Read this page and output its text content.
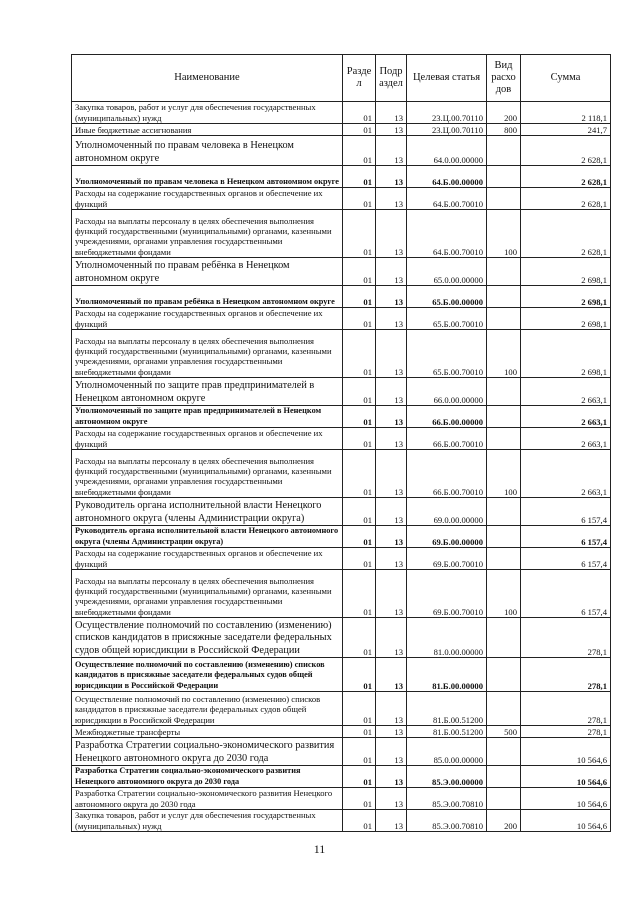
Наименование	Разде л	Подр аздел	Целевая статья	Вид расхо дов	Сумма
Закупка товаров, работ и услуг для обеспечения государственных (муниципальных) нужд	01	13	23.Ц.00.70110	200	2 118,1
Иные бюджетные ассигнования	01	13	23.Ц.00.70110	800	241,7
Уполномоченный по правам человека в Ненецком автономном округе	01	13	64.0.00.00000		2 628,1
Уполномоченный по правам человека в Ненецком автономном округе	01	13	64.Б.00.00000		2 628,1
Расходы на содержание государственных органов и обеспечение их функций	01	13	64.Б.00.70010		2 628,1
Расходы на выплаты персоналу в целях обеспечения выполнения функций государственными (муниципальными) органами, казенными учреждениями, органами управления государственными внебюджетными фондами	01	13	64.Б.00.70010	100	2 628,1
Уполномоченный по правам ребёнка в Ненецком автономном округе	01	13	65.0.00.00000		2 698,1
Уполномоченный по правам ребёнка в Ненецком автономном округе	01	13	65.Б.00.00000		2 698,1
Расходы на содержание государственных органов и обеспечение их функций	01	13	65.Б.00.70010		2 698,1
Расходы на выплаты персоналу в целях обеспечения выполнения функций государственными (муниципальными) органами, казенными учреждениями, органами управления государственными внебюджетными фондами	01	13	65.Б.00.70010	100	2 698,1
Уполномоченный по защите прав предпринимателей в Ненецком автономном округе	01	13	66.0.00.00000		2 663,1
Уполномоченный по защите прав предпринимателей в Ненецком автономном округе	01	13	66.Б.00.00000		2 663,1
Расходы на содержание государственных органов и обеспечение их функций	01	13	66.Б.00.70010		2 663,1
Расходы на выплаты персоналу в целях обеспечения выполнения функций государственными (муниципальными) органами, казенными учреждениями, органами управления государственными внебюджетными фондами	01	13	66.Б.00.70010	100	2 663,1
Руководитель органа исполнительной власти Ненецкого автономного округа (члены Администрации округа)	01	13	69.0.00.00000		6 157,4
Руководитель органа исполнительной власти Ненецкого автономного округа (члены Администрации округа)	01	13	69.Б.00.00000		6 157,4
Расходы на содержание государственных органов и обеспечение их функций	01	13	69.Б.00.70010		6 157,4
Расходы на выплаты персоналу в целях обеспечения выполнения функций государственными (муниципальными) органами, казенными учреждениями, органами управления государственными внебюджетными фондами	01	13	69.Б.00.70010	100	6 157,4
Осуществление полномочий по составлению (изменению) списков кандидатов в присяжные заседатели федеральных судов общей юрисдикции в Российской Федерации	01	13	81.0.00.00000		278,1
Осуществление полномочий по составлению (изменению) списков кандидатов в присяжные заседатели федеральных судов общей юрисдикции в Российской Федерации	01	13	81.Б.00.00000		278,1
Осуществление полномочий по составлению (изменению) списков кандидатов в присяжные заседатели федеральных судов общей юрисдикции в Российской Федерации	01	13	81.Б.00.51200		278,1
Межбюджетные трансферты	01	13	81.Б.00.51200	500	278,1
Разработка Стратегии социально-экономического развития Ненецкого автономного округа до 2030 года	01	13	85.0.00.00000		10 564,6
Разработка Стратегии социально-экономического развития Ненецкого автономного округа до 2030 года	01	13	85.Э.00.00000		10 564,6
Разработка Стратегии социально-экономического развития Ненецкого автономного округа до 2030 года	01	13	85.Э.00.70810		10 564,6
Закупка товаров, работ и услуг для обеспечения государственных (муниципальных) нужд	01	13	85.Э.00.70810	200	10 564,6
11
